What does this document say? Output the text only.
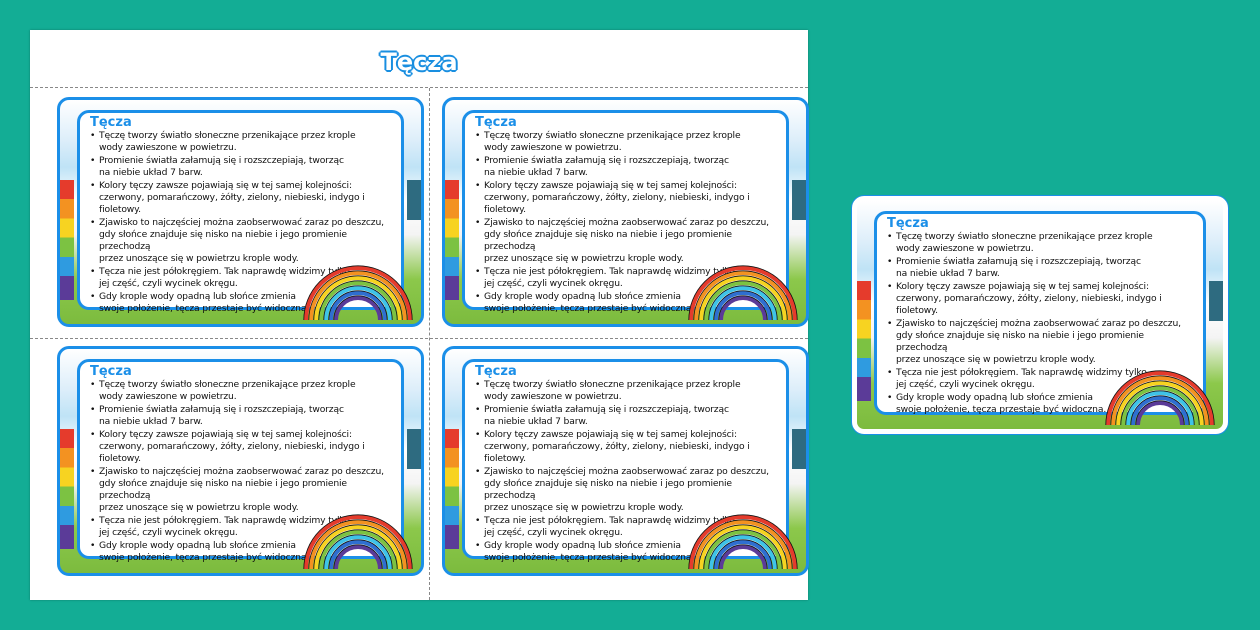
Tęcza
Tęcza
• Tęczę tworzy światło słoneczne przenikające przez krople
wody zawieszone w powietrzu.
• Promienie światła załamują się i rozszczepiają, tworząc
na niebie układ 7 barw.
• Kolory tęczy zawsze pojawiają się w tej samej kolejności:
czerwony, pomarańczowy, żółty, zielony, niebieski, indygo i fioletowy.
• Zjawisko to najczęściej można zaobserwować zaraz po deszczu,
gdy słońce znajduje się nisko na niebie i jego promienie przechodzą
przez unoszące się w powietrzu krople wody.
• Tęcza nie jest półokręgiem. Tak naprawdę widzimy tylko
jej część, czyli wycinek okręgu.
• Gdy krople wody opadną lub słońce zmienia
swoje położenie, tęcza przestaje być widoczna.
Tęcza
• Tęczę tworzy światło słoneczne przenikające przez krople
wody zawieszone w powietrzu.
• Promienie światła załamują się i rozszczepiają, tworząc
na niebie układ 7 barw.
• Kolory tęczy zawsze pojawiają się w tej samej kolejności:
czerwony, pomarańczowy, żółty, zielony, niebieski, indygo i fioletowy.
• Zjawisko to najczęściej można zaobserwować zaraz po deszczu,
gdy słońce znajduje się nisko na niebie i jego promienie przechodzą
przez unoszące się w powietrzu krople wody.
• Tęcza nie jest półokręgiem. Tak naprawdę widzimy tylko
jej część, czyli wycinek okręgu.
• Gdy krople wody opadną lub słońce zmienia
swoje położenie, tęcza przestaje być widoczna.
Tęcza
• Tęczę tworzy światło słoneczne przenikające przez krople
wody zawieszone w powietrzu.
• Promienie światła załamują się i rozszczepiają, tworząc
na niebie układ 7 barw.
• Kolory tęczy zawsze pojawiają się w tej samej kolejności:
czerwony, pomarańczowy, żółty, zielony, niebieski, indygo i fioletowy.
• Zjawisko to najczęściej można zaobserwować zaraz po deszczu,
gdy słońce znajduje się nisko na niebie i jego promienie przechodzą
przez unoszące się w powietrzu krople wody.
• Tęcza nie jest półokręgiem. Tak naprawdę widzimy tylko
jej część, czyli wycinek okręgu.
• Gdy krople wody opadną lub słońce zmienia
swoje położenie, tęcza przestaje być widoczna.
Tęcza
• Tęczę tworzy światło słoneczne przenikające przez krople
wody zawieszone w powietrzu.
• Promienie światła załamują się i rozszczepiają, tworząc
na niebie układ 7 barw.
• Kolory tęczy zawsze pojawiają się w tej samej kolejności:
czerwony, pomarańczowy, żółty, zielony, niebieski, indygo i fioletowy.
• Zjawisko to najczęściej można zaobserwować zaraz po deszczu,
gdy słońce znajduje się nisko na niebie i jego promienie przechodzą
przez unoszące się w powietrzu krople wody.
• Tęcza nie jest półokręgiem. Tak naprawdę widzimy tylko
jej część, czyli wycinek okręgu.
• Gdy krople wody opadną lub słońce zmienia
swoje położenie, tęcza przestaje być widoczna.
Tęcza
• Tęczę tworzy światło słoneczne przenikające przez krople
wody zawieszone w powietrzu.
• Promienie światła załamują się i rozszczepiają, tworząc
na niebie układ 7 barw.
• Kolory tęczy zawsze pojawiają się w tej samej kolejności:
czerwony, pomarańczowy, żółty, zielony, niebieski, indygo i fioletowy.
• Zjawisko to najczęściej można zaobserwować zaraz po deszczu,
gdy słońce znajduje się nisko na niebie i jego promienie przechodzą
przez unoszące się w powietrzu krople wody.
• Tęcza nie jest półokręgiem. Tak naprawdę widzimy tylko
jej część, czyli wycinek okręgu.
• Gdy krople wody opadną lub słońce zmienia
swoje położenie, tęcza przestaje być widoczna.
